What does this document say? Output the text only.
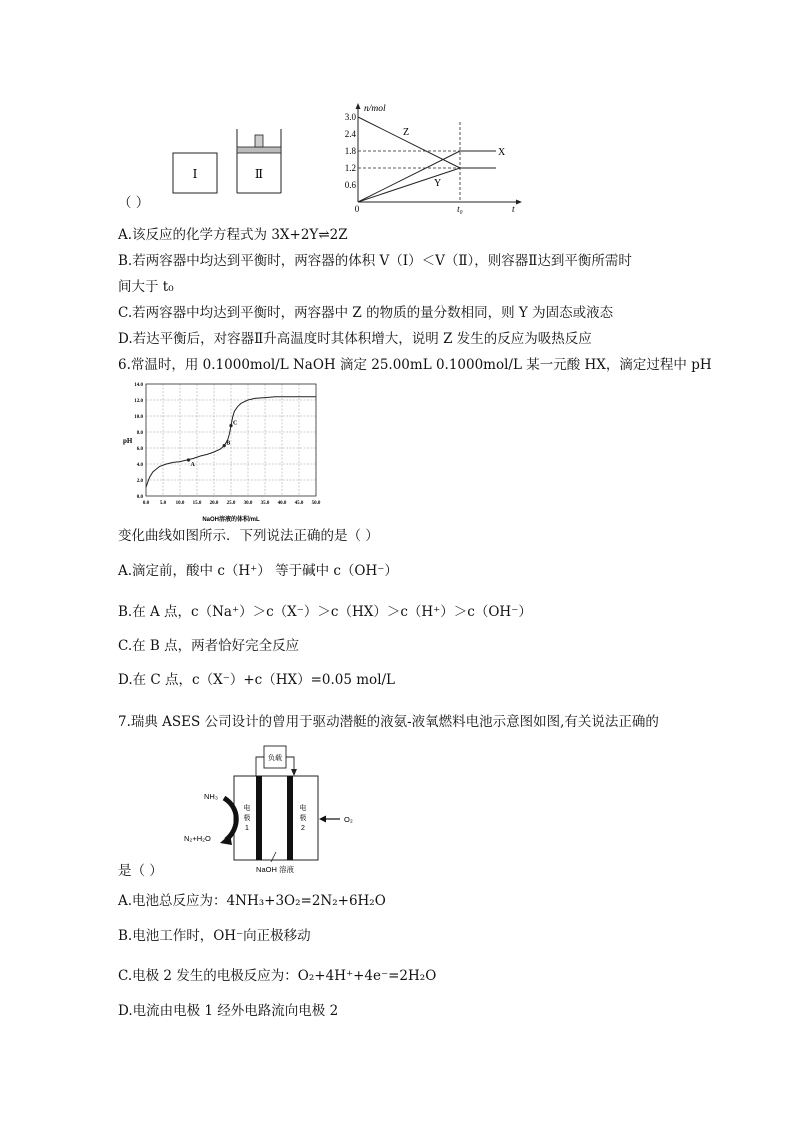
Ⅰ	Ⅱ
（ ）
n/mol
t
0
3.0
2.4
1.8
1.2
0.6
Z
X
Y
t₀
A.该反应的化学方程式为 3X+2Y⇌2Z
B.若两容器中均达到平衡时，两容器的体积 V（Ⅰ）＜V（Ⅱ），则容器Ⅱ达到平衡所需时
间大于 t₀
C.若两容器中均达到平衡时，两容器中 Z 的物质的量分数相同，则 Y 为固态或液态
D.若达平衡后，对容器Ⅱ升高温度时其体积增大，说明 Z 发生的反应为吸热反应
6.常温时，用 0.1000mol/L NaOH 滴定 25.00mL 0.1000mol/L 某一元酸 HX，滴定过程中 pH
0.0 5.0 10.0 15.0 20.0 25.0 30.0 35.0 40.0 45.0 50.0
0.0
2.0
4.0
6.0
8.0
10.0
12.0
14.0
A
B
C
pH
NaOH溶液的体积/mL
变化曲线如图所示．下列说法正确的是（ ）
A.滴定前，酸中 c（H⁺） 等于碱中 c（OH⁻）
B.在 A 点，c（Na⁺）＞c（X⁻）＞c（HX）＞c（H⁺）＞c（OH⁻）
C.在 B 点，两者恰好完全反应
D.在 C 点，c（X⁻）+c（HX）=0.05 mol/L
7.瑞典 ASES 公司设计的曾用于驱动潜艇的液氨-液氧燃料电池示意图如图,有关说法正确的
负载
电
极
1
电
极
2
NH₃
N₂+H₂O
O₂
NaOH 溶液
是（ ）
A.电池总反应为：4NH₃+3O₂=2N₂+6H₂O
B.电池工作时，OH⁻向正极移动
C.电极 2 发生的电极反应为：O₂+4H⁺+4e⁻=2H₂O
D.电流由电极 1 经外电路流向电极 2
